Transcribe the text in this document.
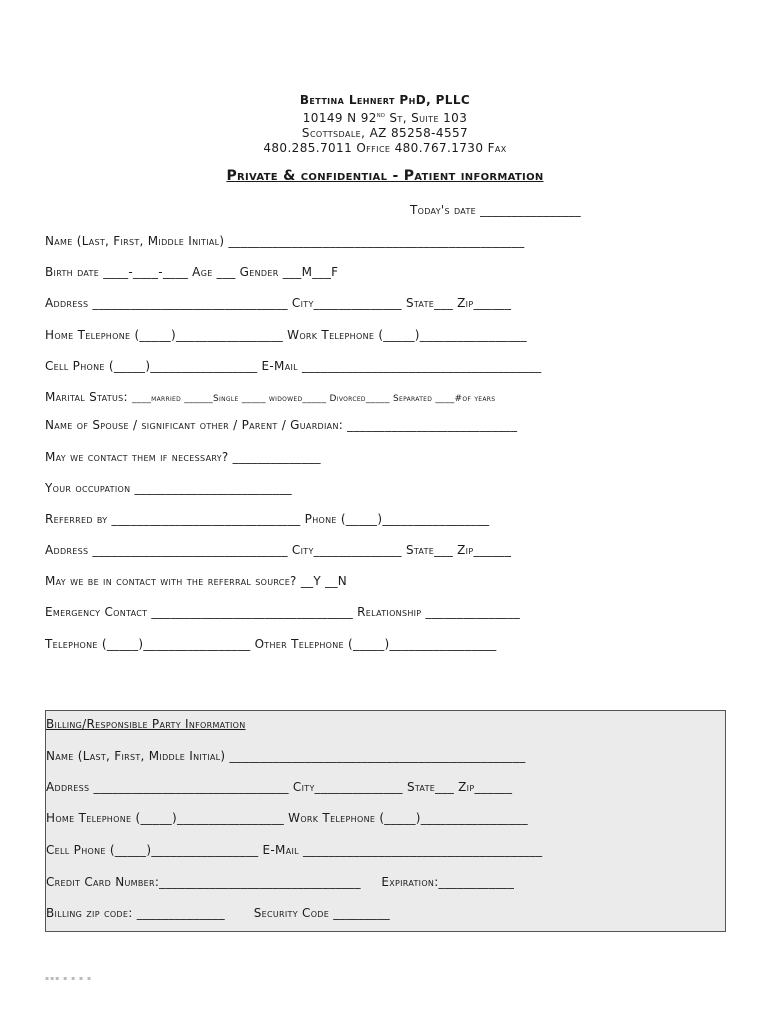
Bettina Lehnert PhD, PLLC
10149 N 92nd St, Suite 103
Scottsdale, AZ 85258-4557
480.285.7011 Office 480.767.1730 Fax
Private & confidential - Patient information
Today's date ________________
Name (Last, First, Middle Initial) _______________________________________________
Birth date ____-____-____ Age ___ Gender ___M___F
Address _______________________________ City______________ State___ Zip______
Home Telephone (_____)_________________ Work Telephone (_____)_________________
Cell Phone (_____)_________________ E-Mail ______________________________________
Marital Status: ____married ______Single _____ widowed_____ Divorced_____ Separated ____#of years
Name of Spouse / significant other / Parent / Guardian: ___________________________
May we contact them if necessary? ______________
Your occupation _________________________
Referred by ______________________________ Phone (_____)_________________
Address _______________________________ City______________ State___ Zip______
May we be in contact with the referral source? __Y __N
Emergency Contact ________________________________ Relationship _______________
Telephone (_____)_________________ Other Telephone (_____)_________________
Billing/Responsible Party Information
Name (Last, First, Middle Initial) _______________________________________________
Address _______________________________ City______________ State___ Zip______
Home Telephone (_____)_________________ Work Telephone (_____)_________________
Cell Phone (_____)_________________ E-Mail ______________________________________
Credit Card Number:________________________________     Expiration:____________
Billing zip code: ______________       Security Code _________
▪▪▪ ▪ ▪ ▪ ▪
